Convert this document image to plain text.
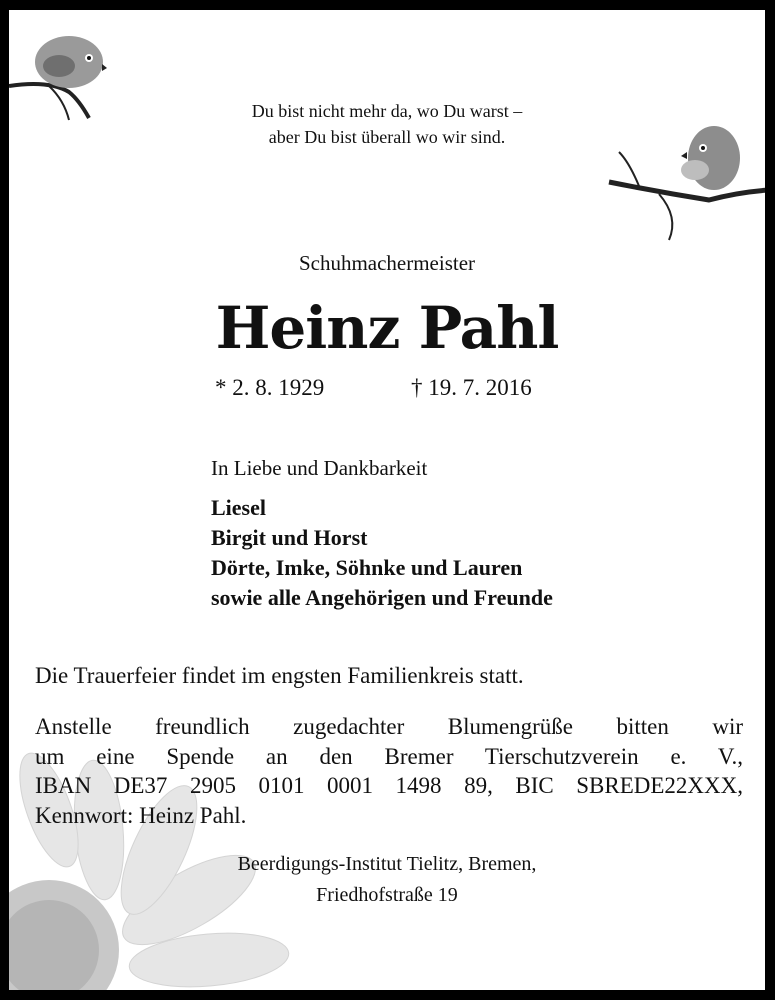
Du bist nicht mehr da, wo Du warst –
aber Du bist überall wo wir sind.
Schuhmachermeister
Heinz Pahl
* 2. 8. 1929	† 19. 7. 2016
In Liebe und Dankbarkeit
Liesel
Birgit und Horst
Dörte, Imke, Söhnke und Lauren
sowie alle Angehörigen und Freunde
Die Trauerfeier findet im engsten Familienkreis statt.
Anstelle freundlich zugedachter Blumengrüße bitten wir
um eine Spende an den Bremer Tierschutzverein e. V.,
IBAN DE37 2905 0101 0001 1498 89, BIC SBREDE22XXX,
Kennwort: Heinz Pahl.
Beerdigungs-Institut Tielitz, Bremen,
Friedhofstraße 19
